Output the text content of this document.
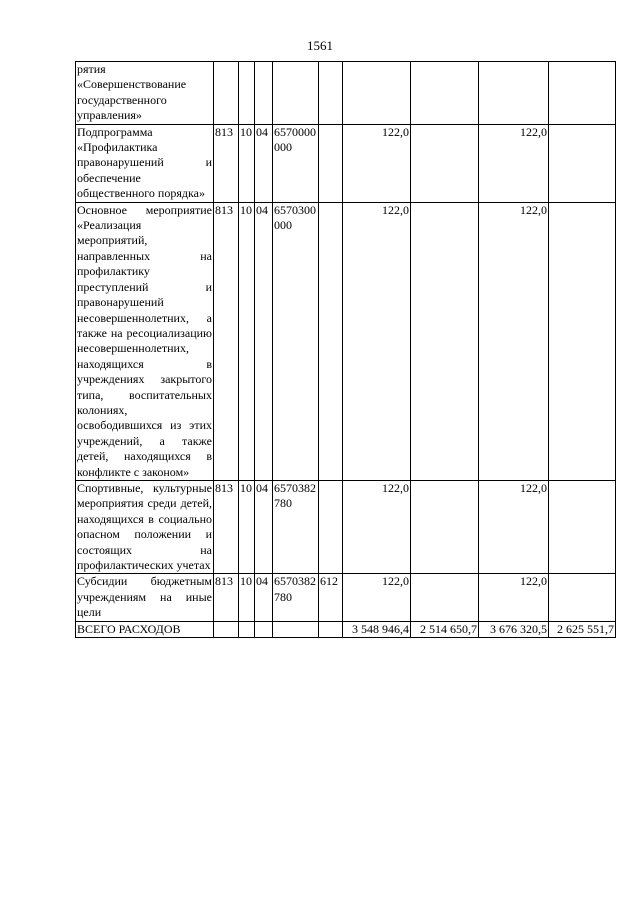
1561
рятия «Совершенствование государственного управления»									
Подпрограмма «Профилактика правонарушений и обеспечение общественного порядка»	813	10	04	6570000000		122,0		122,0	
Основное мероприятие «Реализация мероприятий, направленных на профилактику преступлений и правонарушений несовершеннолетних, а также на ресоциализацию несовершеннолетних, находящихся в учреждениях закрытого типа, воспитательных колониях, освободившихся из этих учреждений, а также детей, находящихся в конфликте с законом»	813	10	04	6570300000		122,0		122,0	
Спортивные, культурные мероприятия среди детей, находящихся в социально опасном положении и состоящих на профилактических учетах	813	10	04	6570382780		122,0		122,0	
Субсидии бюджетным учреждениям на иные цели	813	10	04	6570382780	612	122,0		122,0	
ВСЕГО РАСХОДОВ						3 548 946,4	2 514 650,7	3 676 320,5	2 625 551,7
